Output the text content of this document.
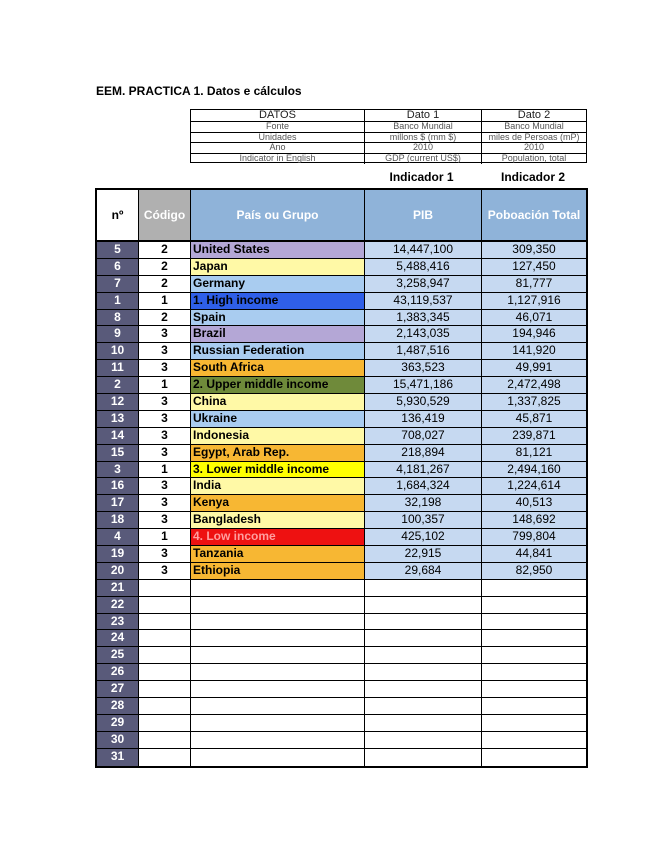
EEM. PRACTICA 1. Datos e cálculos
DATOS	Dato 1	Dato 2
Fonte	Banco Mundial	Banco Mundial
Unidades	millons $ (mm $)	miles de Persoas (mP)
Ano	2010	2010
Indicator in English	GDP (current US$)	Population, total
Indicador 1	Indicador 2
nº	Código	País ou Grupo	PIB	Poboación Total
5	2	United States	14,447,100	309,350
6	2	Japan	5,488,416	127,450
7	2	Germany	3,258,947	81,777
1	1	1. High income	43,119,537	1,127,916
8	2	Spain	1,383,345	46,071
9	3	Brazil	2,143,035	194,946
10	3	Russian Federation	1,487,516	141,920
11	3	South Africa	363,523	49,991
2	1	2. Upper middle income	15,471,186	2,472,498
12	3	China	5,930,529	1,337,825
13	3	Ukraine	136,419	45,871
14	3	Indonesia	708,027	239,871
15	3	Egypt, Arab Rep.	218,894	81,121
3	1	3. Lower middle income	4,181,267	2,494,160
16	3	India	1,684,324	1,224,614
17	3	Kenya	32,198	40,513
18	3	Bangladesh	100,357	148,692
4	1	4. Low income	425,102	799,804
19	3	Tanzania	22,915	44,841
20	3	Ethiopia	29,684	82,950
21
22
23
24
25
26
27
28
29
30
31
